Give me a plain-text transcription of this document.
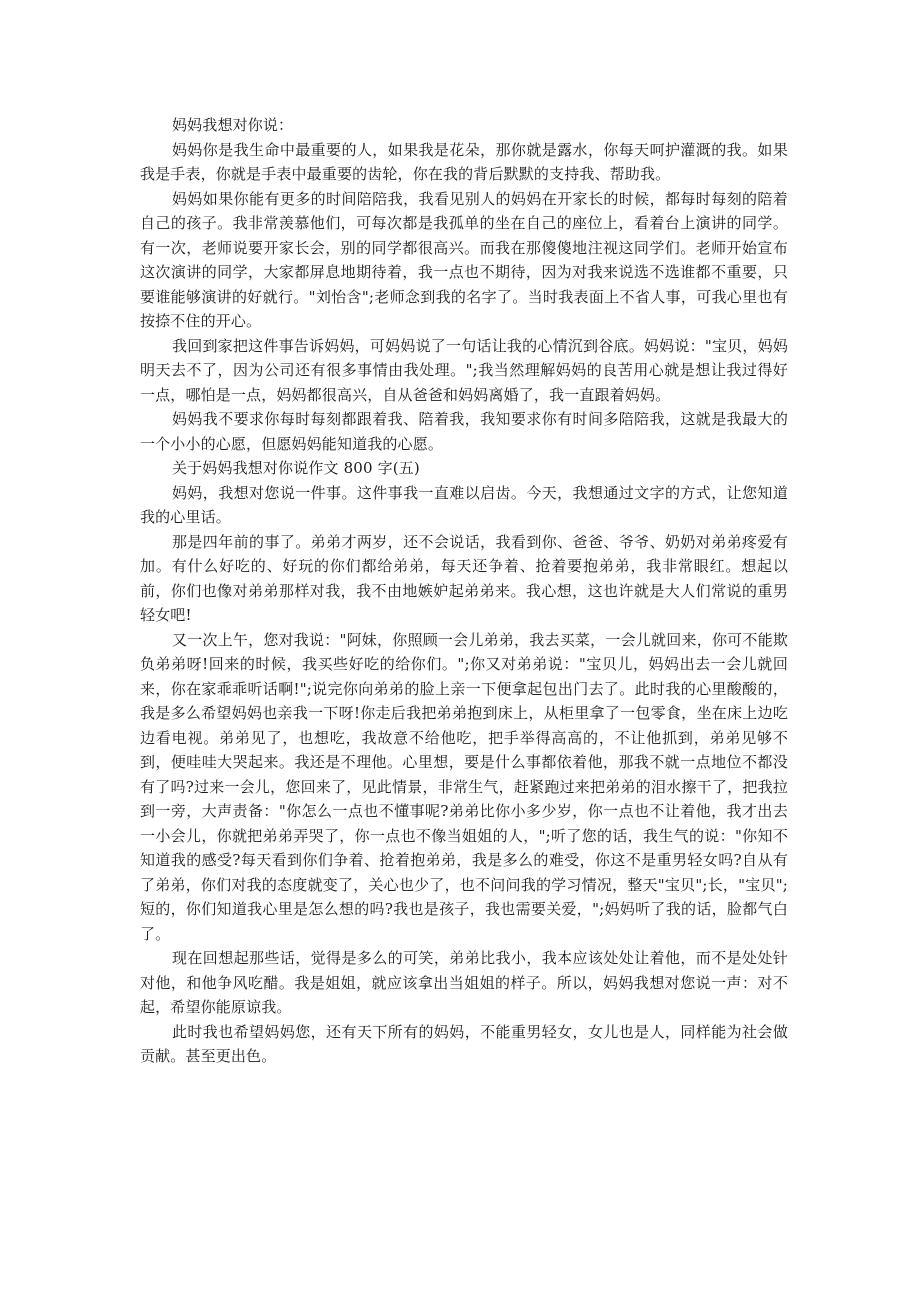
妈妈我想对你说：

妈妈你是我生命中最重要的人，如果我是花朵，那你就是露水，你每天呵护灌溉的我。如果我是手表，你就是手表中最重要的齿轮，你在我的背后默默的支持我、帮助我。

妈妈如果你能有更多的时间陪陪我，我看见别人的妈妈在开家长的时候，都每时每刻的陪着自己的孩子。我非常羡慕他们，可每次都是我孤单的坐在自己的座位上，看着台上演讲的同学。有一次，老师说要开家长会，别的同学都很高兴。而我在那傻傻地注视这同学们。老师开始宣布这次演讲的同学，大家都屏息地期待着，我一点也不期待，因为对我来说选不选谁都不重要，只要谁能够演讲的好就行。"刘怡含";老师念到我的名字了。当时我表面上不省人事，可我心里也有按捺不住的开心。

我回到家把这件事告诉妈妈，可妈妈说了一句话让我的心情沉到谷底。妈妈说："宝贝，妈妈明天去不了，因为公司还有很多事情由我处理。";我当然理解妈妈的良苦用心就是想让我过得好一点，哪怕是一点，妈妈都很高兴，自从爸爸和妈妈离婚了，我一直跟着妈妈。

妈妈我不要求你每时每刻都跟着我、陪着我，我知要求你有时间多陪陪我，这就是我最大的一个小小的心愿，但愿妈妈能知道我的心愿。

关于妈妈我想对你说作文 800 字(五)

妈妈，我想对您说一件事。这件事我一直难以启齿。今天，我想通过文字的方式，让您知道我的心里话。

那是四年前的事了。弟弟才两岁，还不会说话，我看到你、爸爸、爷爷、奶奶对弟弟疼爱有加。有什么好吃的、好玩的你们都给弟弟，每天还争着、抢着要抱弟弟，我非常眼红。想起以前，你们也像对弟弟那样对我，我不由地嫉妒起弟弟来。我心想，这也许就是大人们常说的重男轻女吧!

又一次上午，您对我说："阿妹，你照顾一会儿弟弟，我去买菜，一会儿就回来，你可不能欺负弟弟呀!回来的时候，我买些好吃的给你们。";你又对弟弟说："宝贝儿，妈妈出去一会儿就回来，你在家乖乖听话啊!";说完你向弟弟的脸上亲一下便拿起包出门去了。此时我的心里酸酸的，我是多么希望妈妈也亲我一下呀!你走后我把弟弟抱到床上，从柜里拿了一包零食，坐在床上边吃边看电视。弟弟见了，也想吃，我故意不给他吃，把手举得高高的，不让他抓到，弟弟见够不到，便哇哇大哭起来。我还是不理他。心里想，要是什么事都依着他，那我不就一点地位不都没有了吗?过来一会儿，您回来了，见此情景，非常生气，赶紧跑过来把弟弟的泪水擦干了，把我拉到一旁，大声责备："你怎么一点也不懂事呢?弟弟比你小多少岁，你一点也不让着他，我才出去一小会儿，你就把弟弟弄哭了，你一点也不像当姐姐的人，";听了您的话，我生气的说："你知不知道我的感受?每天看到你们争着、抢着抱弟弟，我是多么的难受，你这不是重男轻女吗?自从有了弟弟，你们对我的态度就变了，关心也少了，也不问问我的学习情况，整天"宝贝";长，"宝贝";短的，你们知道我心里是怎么想的吗?我也是孩子，我也需要关爱，";妈妈听了我的话，脸都气白了。

现在回想起那些话，觉得是多么的可笑，弟弟比我小，我本应该处处让着他，而不是处处针对他，和他争风吃醋。我是姐姐，就应该拿出当姐姐的样子。所以，妈妈我想对您说一声：对不起，希望你能原谅我。

此时我也希望妈妈您，还有天下所有的妈妈，不能重男轻女，女儿也是人，同样能为社会做贡献。甚至更出色。
